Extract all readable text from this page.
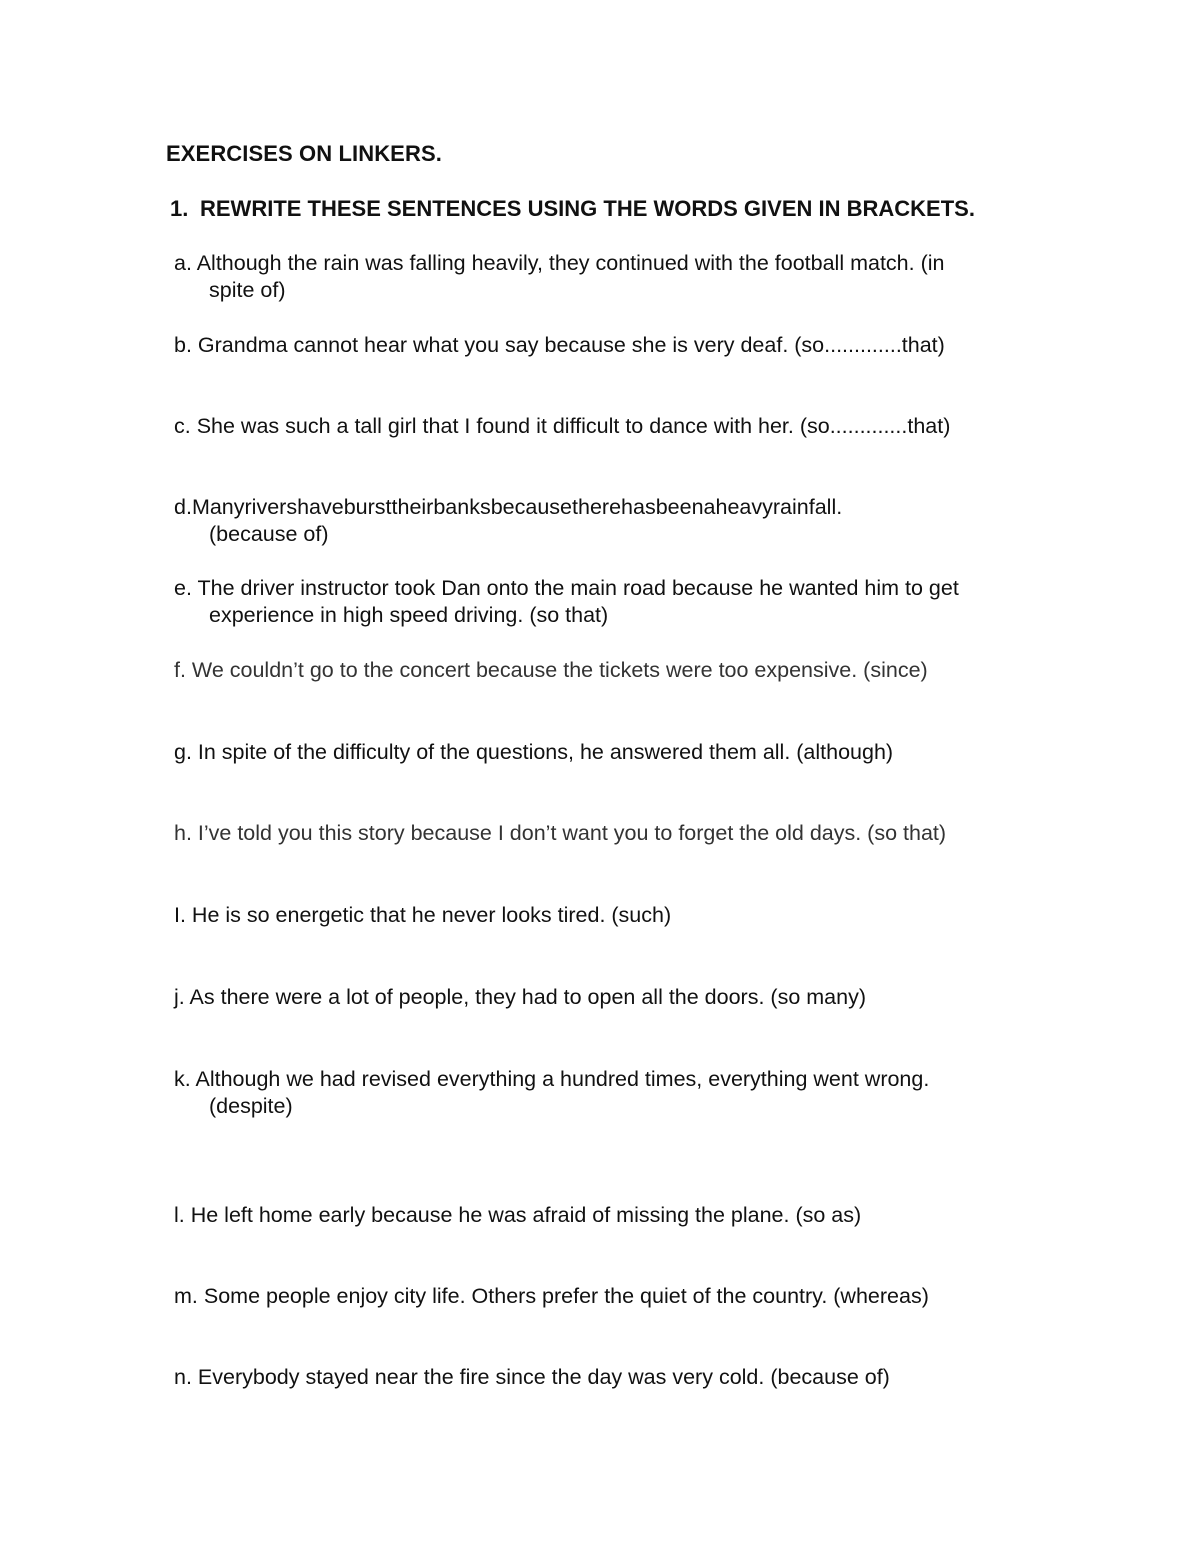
EXERCISES ON LINKERS.
1. REWRITE THESE SENTENCES USING THE WORDS GIVEN IN BRACKETS.
a. Although the rain was falling heavily, they continued with the football match. (in
spite of)
b. Grandma cannot hear what you say because she is very deaf. (so.............that)
c. She was such a tall girl that I found it difficult to dance with her. (so.............that)
d.Manyrivershavebursttheirbanksbecausetherehasbeenaheavyrainfall.
(because of)
e. The driver instructor took Dan onto the main road because he wanted him to get
experience in high speed driving. (so that)
f. We couldn’t go to the concert because the tickets were too expensive. (since)
g. In spite of the difficulty of the questions, he answered them all. (although)
h. I’ve told you this story because I don’t want you to forget the old days. (so that)
I. He is so energetic that he never looks tired. (such)
j. As there were a lot of people, they had to open all the doors. (so many)
k. Although we had revised everything a hundred times, everything went wrong.
(despite)
l. He left home early because he was afraid of missing the plane. (so as)
m. Some people enjoy city life. Others prefer the quiet of the country. (whereas)
n. Everybody stayed near the fire since the day was very cold. (because of)
